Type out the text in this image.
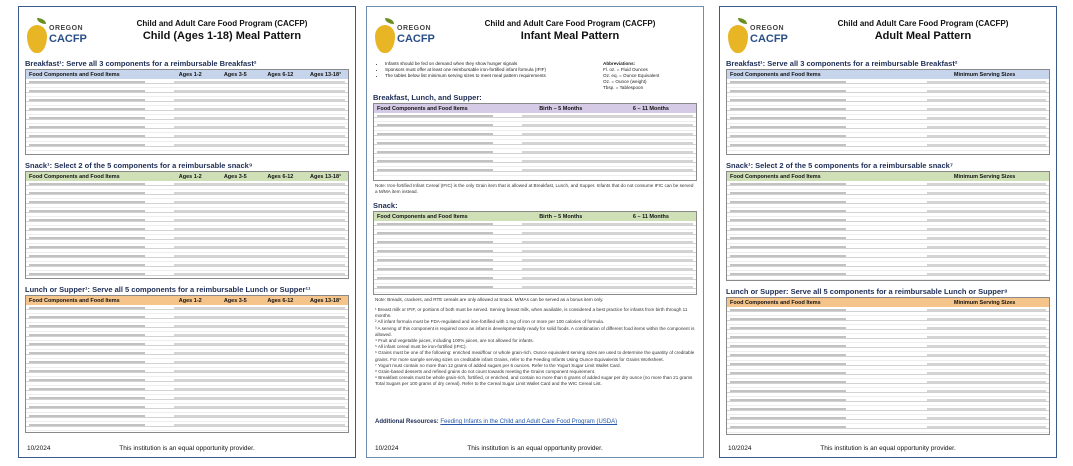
OREGON
CACFP
Child and Adult Care Food Program (CACFP)
Child (Ages 1-18) Meal Pattern
Breakfast¹: Serve all 3 components for a reimbursable Breakfast²
Food Components and Food Items	Ages 1-2	Ages 3-5	Ages 6-12	Ages 13-18³
Snack¹: Select 2 of the 5 components for a reimbursable snack⁹
Food Components and Food Items	Ages 1-2	Ages 3-5	Ages 6-12	Ages 13-18³
Lunch or Supper¹: Serve all 5 components for a reimbursable Lunch or Supper¹¹
Food Components and Food Items	Ages 1-2	Ages 3-5	Ages 6-12	Ages 13-18³
10/2024	This institution is an equal opportunity provider.
OREGON
CACFP
Child and Adult Care Food Program (CACFP)
Infant Meal Pattern
• Infants should be fed on demand when they show hunger signals
• Sponsors must offer at least one reimbursable iron-fortified infant formula (IFIF)
• The tables below list minimum serving sizes to meet meal pattern requirements
Abbreviations:
Fl. oz. = Fluid Ounces
Oz. eq. = Ounce Equivalent
Oz. = Ounce (weight)
Tbsp. = Tablespoon
Breakfast, Lunch, and Supper:
Food Components and Food Items	Birth – 5 Months	6 – 11 Months
Note: Iron-fortified Infant Cereal (IFIC) is the only Grain item that is allowed at Breakfast, Lunch, and Supper. Infants that do not consume IFIC can be served a M/MA item instead.
Snack:
Food Components and Food Items	Birth – 5 Months	6 – 11 Months
Note: Breads, crackers, and RTE cereals are only allowed at Snack. M/MAs can be served as a bonus item only.
¹ Breast milk or IFIF, or portions of both must be served. Serving breast milk, when available, is considered a best practice for infants from birth through 11 months.
² All infant formula must be FDA-regulated and iron-fortified with 1 mg of iron or more per 100 calories of formula.
³ A serving of this component is required once an infant is developmentally ready for solid foods. A combination of different food items within the component is allowed.
⁴ Fruit and vegetable juices, including 100% juices, are not allowed for infants.
⁵ All infant cereal must be iron-fortified (IFIC).
⁶ Grains must be one of the following: enriched meal/flour or whole grain-rich. Ounce equivalent serving sizes are used to determine the quantity of creditable grains. For more sample serving sizes on creditable infant Grains, refer to the Feeding Infants Using Ounce Equivalents for Grains Worksheet.
⁷ Yogurt must contain no more than 12 grams of added sugars per 6 ounces. Refer to the Yogurt Sugar Limit Wallet Card.
⁸ Grain-based desserts and refined grains do not count towards meeting the Grains component requirement.
⁹ Breakfast cereals must be whole grain-rich, fortified, or enriched, and contain no more than 6 grams of added sugar per dry ounce (no more than 21 grams Total Sugars per 100 grams of dry cereal). Refer to the Cereal Sugar Limit Wallet Card and the WIC Cereal List.
Additional Resources: Feeding Infants in the Child and Adult Care Food Program (USDA)
10/2024	This institution is an equal opportunity provider.
OREGON
CACFP
Child and Adult Care Food Program (CACFP)
Adult Meal Pattern
Breakfast¹: Serve all 3 components for a reimbursable Breakfast²
Food Components and Food Items	Minimum Serving Sizes
Snack¹: Select 2 of the 5 components for a reimbursable snack⁷
Food Components and Food Items	Minimum Serving Sizes
Lunch or Supper: Serve all 5 components for a reimbursable Lunch or Supper⁸
Food Components and Food Items	Minimum Serving Sizes
10/2024	This institution is an equal opportunity provider.
